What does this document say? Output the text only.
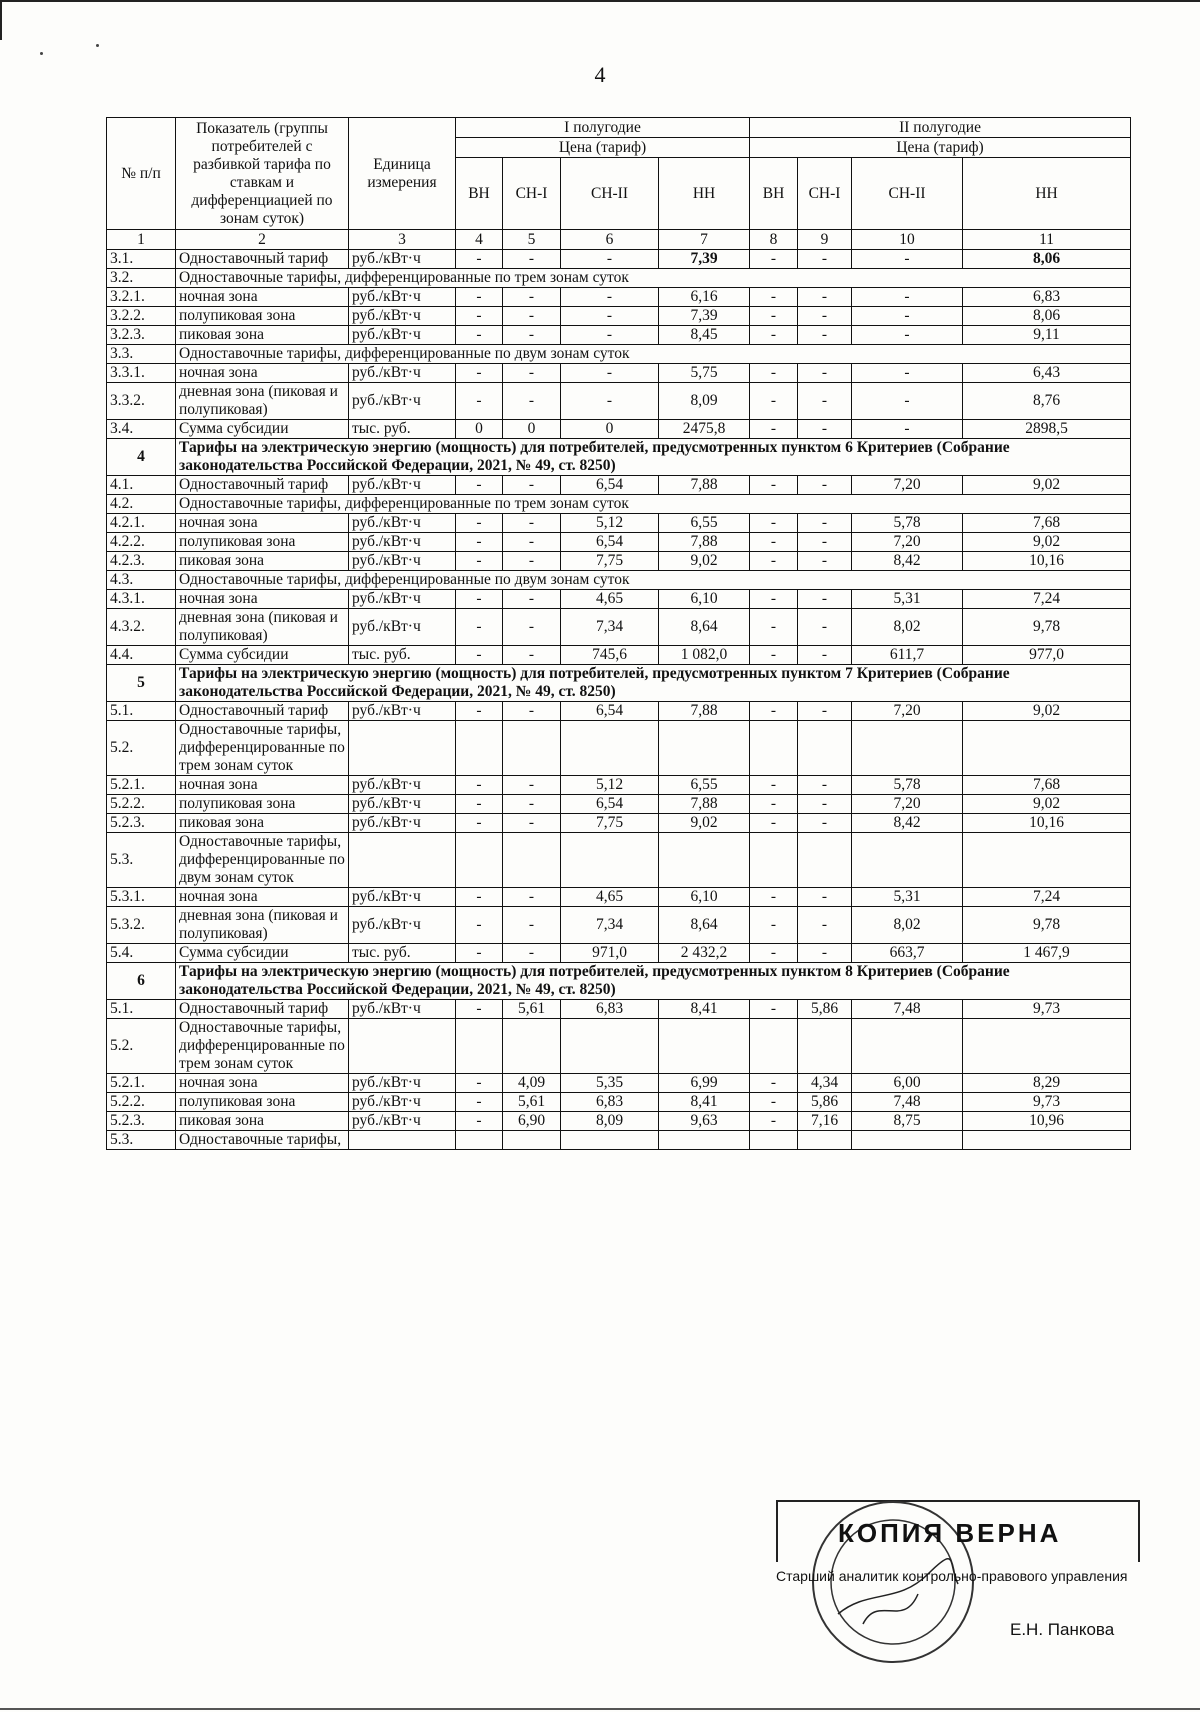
4
№ п/п	Показатель (группы потребителей с разбивкой тарифа по ставкам и дифференциацией по зонам суток)	Единица измерения	I полугодие				II полугодие			
			Цена (тариф)				Цена (тариф)			
			ВН	СН-I	СН-II	НН	ВН	СН-I	СН-II	НН
1	2	3	4	5	6	7	8	9	10	11
3.1.	Одноставочный тариф	руб./кВт·ч	-	-	-	7,39	-	-	-	8,06
3.2.	Одноставочные тарифы, дифференцированные по трем зонам суток									
3.2.1.	ночная зона	руб./кВт·ч	-	-	-	6,16	-	-	-	6,83
3.2.2.	полупиковая зона	руб./кВт·ч	-	-	-	7,39	-	-	-	8,06
3.2.3.	пиковая зона	руб./кВт·ч	-	-	-	8,45	-	-	-	9,11
3.3.	Одноставочные тарифы, дифференцированные по двум зонам суток									
3.3.1.	ночная зона	руб./кВт·ч	-	-	-	5,75	-	-	-	6,43
3.3.2.	дневная зона (пиковая и полупиковая)	руб./кВт·ч	-	-	-	8,09	-	-	-	8,76
3.4.	Сумма субсидии	тыс. руб.	0	0	0	2475,8	-	-	-	2898,5
4	Тарифы на электрическую энергию (мощность) для потребителей, предусмотренных пунктом 6 Критериев (Собрание законодательства Российской Федерации, 2021, № 49, ст. 8250)									
4.1.	Одноставочный тариф	руб./кВт·ч	-	-	6,54	7,88	-	-	7,20	9,02
4.2.	Одноставочные тарифы, дифференцированные по трем зонам суток									
4.2.1.	ночная зона	руб./кВт·ч	-	-	5,12	6,55	-	-	5,78	7,68
4.2.2.	полупиковая зона	руб./кВт·ч	-	-	6,54	7,88	-	-	7,20	9,02
4.2.3.	пиковая зона	руб./кВт·ч	-	-	7,75	9,02	-	-	8,42	10,16
4.3.	Одноставочные тарифы, дифференцированные по двум зонам суток									
4.3.1.	ночная зона	руб./кВт·ч	-	-	4,65	6,10	-	-	5,31	7,24
4.3.2.	дневная зона (пиковая и полупиковая)	руб./кВт·ч	-	-	7,34	8,64	-	-	8,02	9,78
4.4.	Сумма субсидии	тыс. руб.	-	-	745,6	1 082,0	-	-	611,7	977,0
5	Тарифы на электрическую энергию (мощность) для потребителей, предусмотренных пунктом 7 Критериев (Собрание законодательства Российской Федерации, 2021, № 49, ст. 8250)									
5.1.	Одноставочный тариф	руб./кВт·ч	-	-	6,54	7,88	-	-	7,20	9,02
5.2.	Одноставочные тарифы, дифференцированные по трем зонам суток									
5.2.1.	ночная зона	руб./кВт·ч	-	-	5,12	6,55	-	-	5,78	7,68
5.2.2.	полупиковая зона	руб./кВт·ч	-	-	6,54	7,88	-	-	7,20	9,02
5.2.3.	пиковая зона	руб./кВт·ч	-	-	7,75	9,02	-	-	8,42	10,16
5.3.	Одноставочные тарифы, дифференцированные по двум зонам суток									
5.3.1.	ночная зона	руб./кВт·ч	-	-	4,65	6,10	-	-	5,31	7,24
5.3.2.	дневная зона (пиковая и полупиковая)	руб./кВт·ч	-	-	7,34	8,64	-	-	8,02	9,78
5.4.	Сумма субсидии	тыс. руб.	-	-	971,0	2 432,2	-	-	663,7	1 467,9
6	Тарифы на электрическую энергию (мощность) для потребителей, предусмотренных пунктом 8 Критериев (Собрание законодательства Российской Федерации, 2021, № 49, ст. 8250)									
5.1.	Одноставочный тариф	руб./кВт·ч	-	5,61	6,83	8,41	-	5,86	7,48	9,73
5.2.	Одноставочные тарифы, дифференцированные по трем зонам суток									
5.2.1.	ночная зона	руб./кВт·ч	-	4,09	5,35	6,99	-	4,34	6,00	8,29
5.2.2.	полупиковая зона	руб./кВт·ч	-	5,61	6,83	8,41	-	5,86	7,48	9,73
5.2.3.	пиковая зона	руб./кВт·ч	-	6,90	8,09	9,63	-	7,16	8,75	10,96
5.3.	Одноставочные тарифы,									
КОПИЯ ВЕРНА
Старший аналитик контрольно-правового управления
Е.Н. Панкова
